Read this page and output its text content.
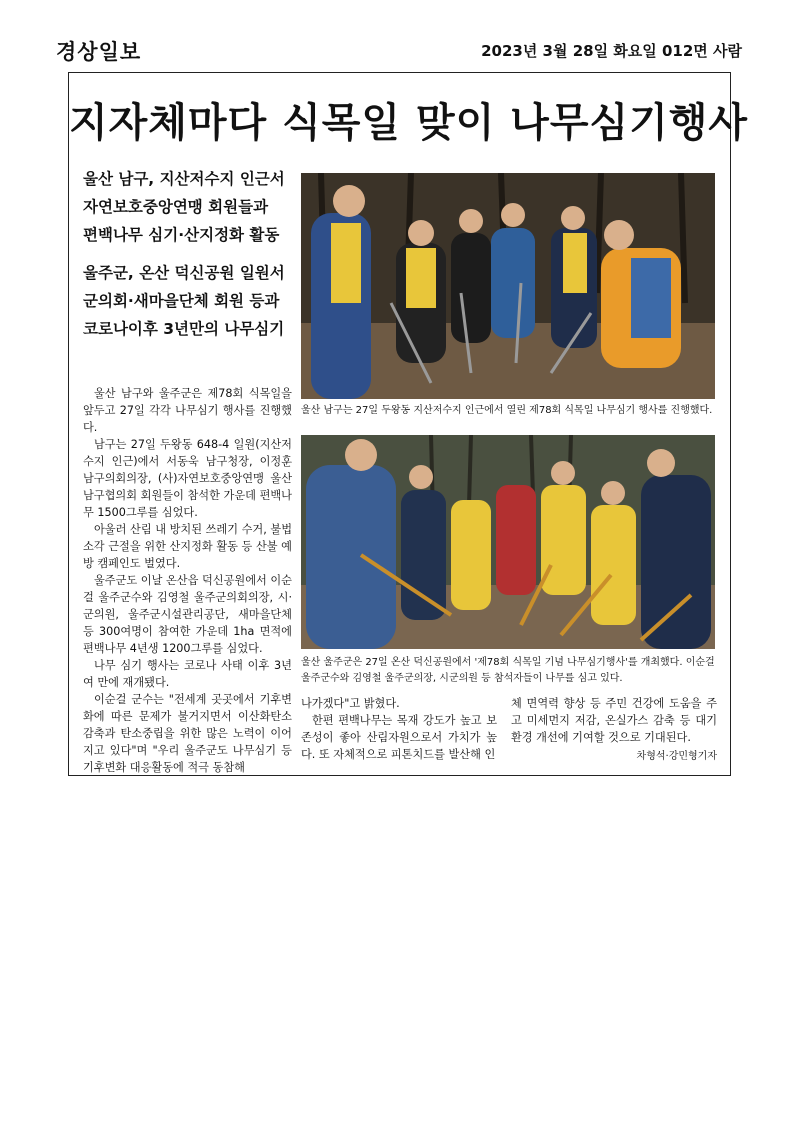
경상일보	2023년 3월 28일 화요일 012면 사람
지자체마다 식목일 맞이 나무심기행사
울산 남구, 지산저수지 인근서
자연보호중앙연맹 회원들과
편백나무 심기·산지정화 활동
울주군, 온산 덕신공원 일원서
군의회·새마을단체 회원 등과
코로나이후 3년만의 나무심기

울산 남구와 울주군은 제78회 식목일을 앞두고 27일 각각 나무심기 행사를 진행했다.

남구는 27일 두왕동 648-4 일원(지산저수지 인근)에서 서동욱 남구청장, 이정훈 남구의회의장, (사)자연보호중앙연맹 울산남구협의회 회원들이 참석한 가운데 편백나무 1500그루를 심었다.

아울러 산림 내 방치된 쓰레기 수거, 불법 소각 근절을 위한 산지정화 활동 등 산불 예방 캠페인도 벌였다.

울주군도 이날 온산읍 덕신공원에서 이순걸 울주군수와 김영철 울주군의회의장, 시·군의원, 울주군시설관리공단, 새마을단체 등 300여명이 참여한 가운데 1ha 면적에 편백나무 4년생 1200그루를 심었다.

나무 심기 행사는 코로나 사태 이후 3년 여 만에 재개됐다.

이순걸 군수는 "전세계 곳곳에서 기후변화에 따른 문제가 불거지면서 이산화탄소 감축과 탄소중립을 위한 많은 노력이 이어지고 있다"며 "우리 울주군도 나무심기 등 기후변화 대응활동에 적극 동참해

울산 남구는 27일 두왕동 지산저수지 인근에서 열린 제78회 식목일 나무심기 행사를 진행했다.
울산 울주군은 27일 온산 덕신공원에서 '제78회 식목일 기념 나무심기행사'를 개최했다. 이순걸 울주군수와 김영철 울주군의장, 시군의원 등 참석자들이 나무를 심고 있다.

나가겠다"고 밝혔다.

한편 편백나무는 목재 강도가 높고 보존성이 좋아 산림자원으로서 가치가 높다. 또 자체적으로 피톤치드를 발산해 인

체 면역력 향상 등 주민 건강에 도움을 주고 미세먼지 저감, 온실가스 감축 등 대기 환경 개선에 기여할 것으로 기대된다.

차형석·강민형기자
